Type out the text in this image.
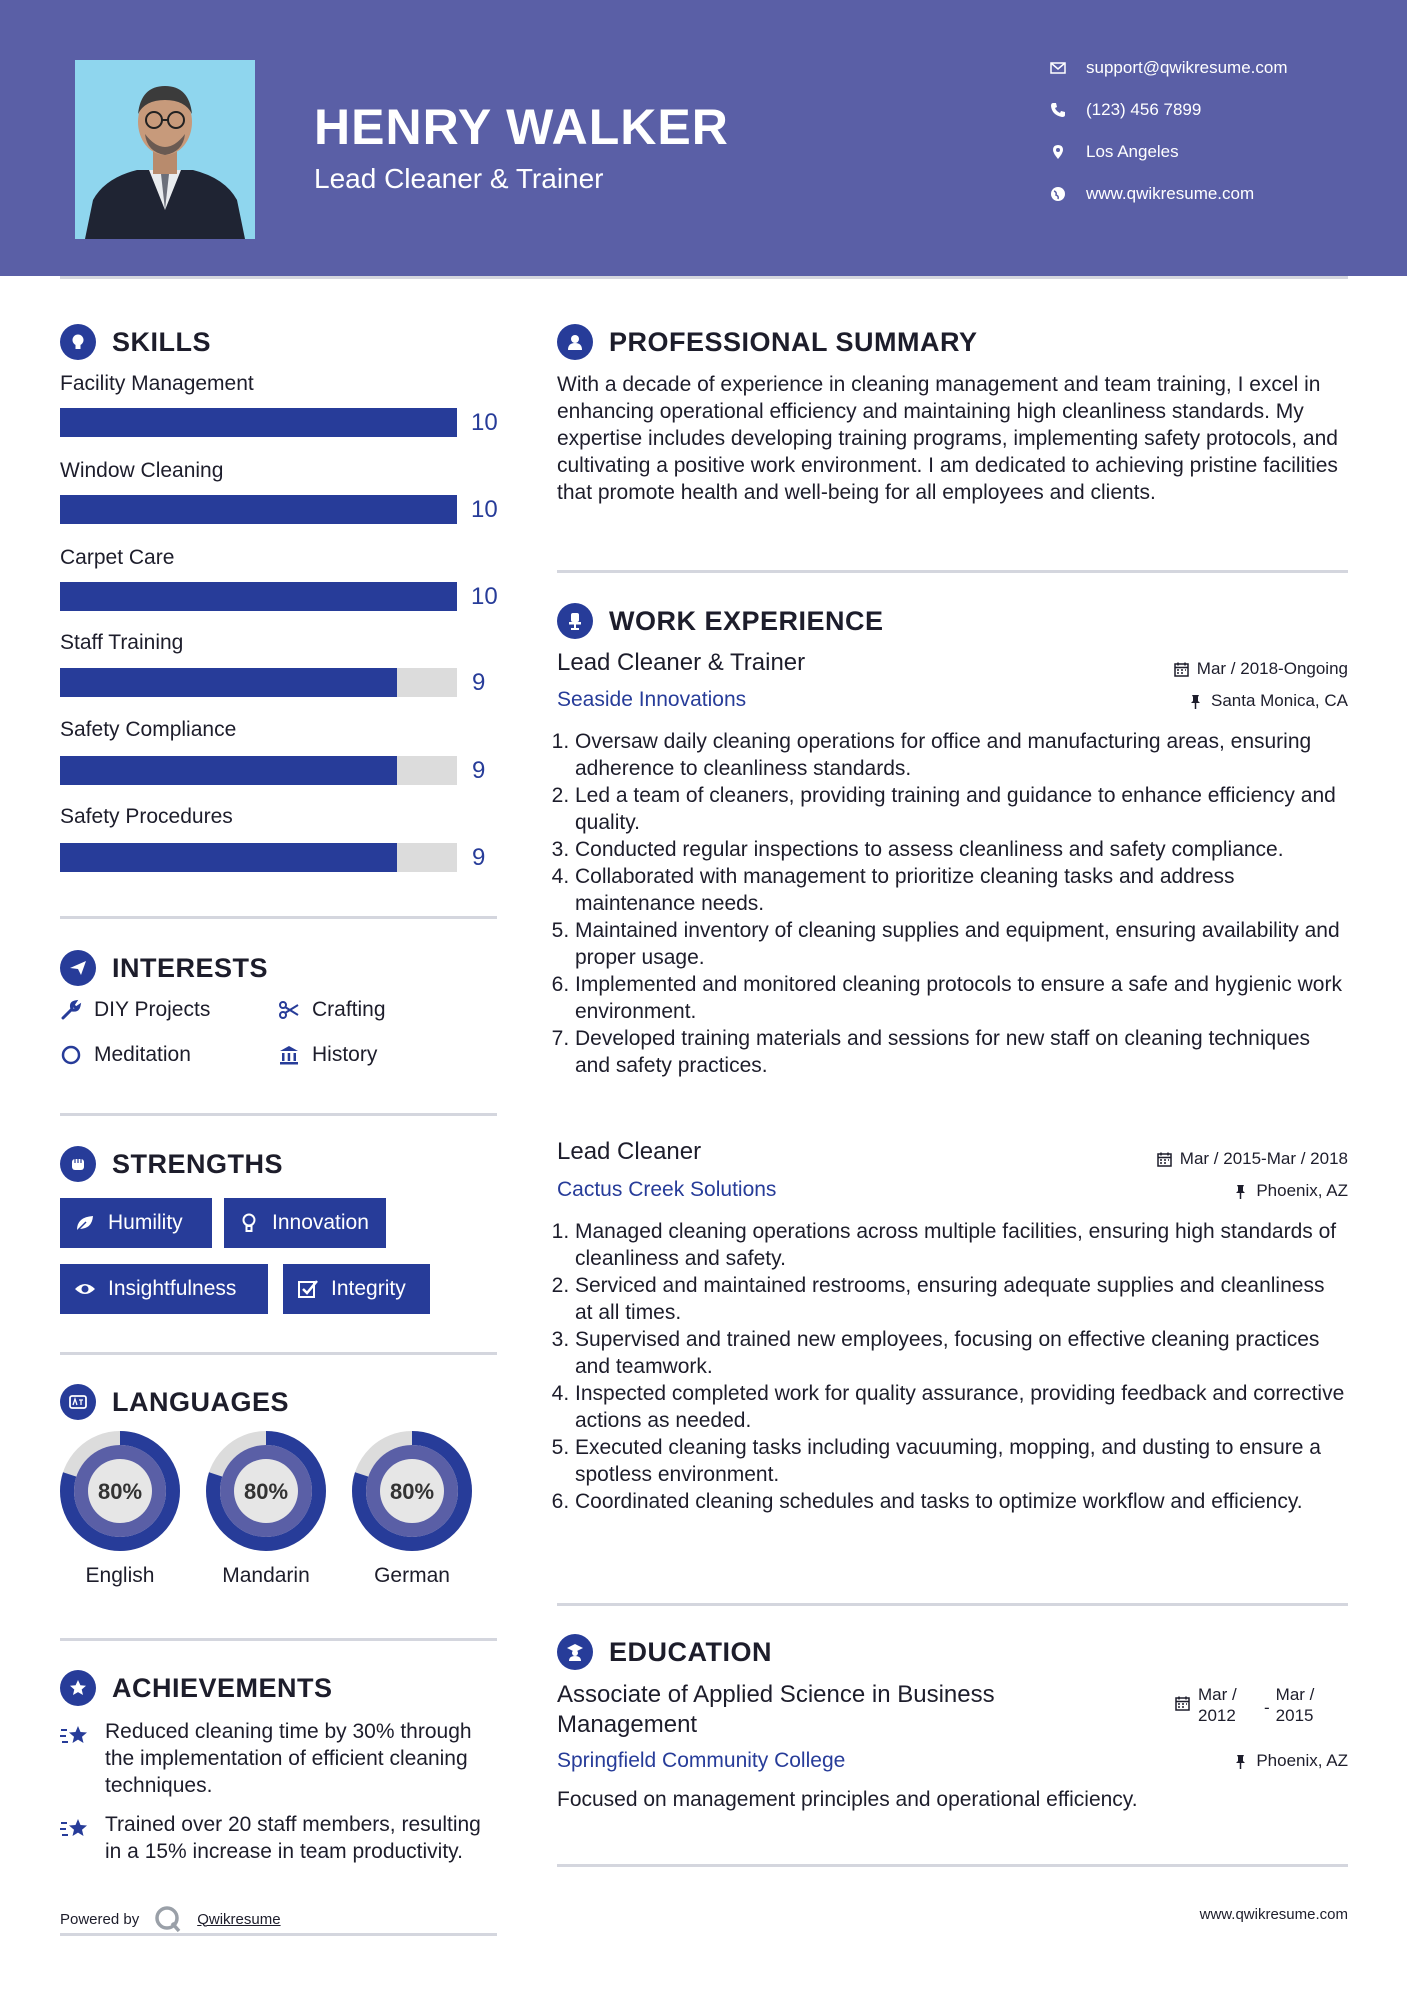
HENRY WALKER
Lead Cleaner & Trainer
support@qwikresume.com
(123) 456 7899
Los Angeles
www.qwikresume.com
SKILLS
Facility Management
10
Window Cleaning
10
Carpet Care
10
Staff Training
9
Safety Compliance
9
Safety Procedures
9
INTERESTS
DIY Projects	Crafting
Meditation	History
STRENGTHS
Humility	Innovation
Insightfulness	Integrity
LANGUAGES
80%
English
80%
Mandarin
80%
German
ACHIEVEMENTS
Reduced cleaning time by 30% through the implementation of efficient cleaning techniques.
Trained over 20 staff members, resulting in a 15% increase in team productivity.
Powered by	Qwikresume
PROFESSIONAL SUMMARY
With a decade of experience in cleaning management and team training, I excel in enhancing operational efficiency and maintaining high cleanliness standards. My expertise includes developing training programs, implementing safety protocols, and cultivating a positive work environment. I am dedicated to achieving pristine facilities that promote health and well-being for all employees and clients.
WORK EXPERIENCE
Lead Cleaner & Trainer	Mar / 2018-Ongoing
Seaside Innovations	Santa Monica, CA
1. Oversaw daily cleaning operations for office and manufacturing areas, ensuring adherence to cleanliness standards.
2. Led a team of cleaners, providing training and guidance to enhance efficiency and quality.
3. Conducted regular inspections to assess cleanliness and safety compliance.
4. Collaborated with management to prioritize cleaning tasks and address maintenance needs.
5. Maintained inventory of cleaning supplies and equipment, ensuring availability and proper usage.
6. Implemented and monitored cleaning protocols to ensure a safe and hygienic work environment.
7. Developed training materials and sessions for new staff on cleaning techniques and safety practices.
Lead Cleaner	Mar / 2015-Mar / 2018
Cactus Creek Solutions	Phoenix, AZ
1. Managed cleaning operations across multiple facilities, ensuring high standards of cleanliness and safety.
2. Serviced and maintained restrooms, ensuring adequate supplies and cleanliness at all times.
3. Supervised and trained new employees, focusing on effective cleaning practices and teamwork.
4. Inspected completed work for quality assurance, providing feedback and corrective actions as needed.
5. Executed cleaning tasks including vacuuming, mopping, and dusting to ensure a spotless environment.
6. Coordinated cleaning schedules and tasks to optimize workflow and efficiency.
EDUCATION
Associate of Applied Science in Business Management
Mar / 2012	-
Mar / 2015
Springfield Community College	Phoenix, AZ
Focused on management principles and operational efficiency.
www.qwikresume.com
